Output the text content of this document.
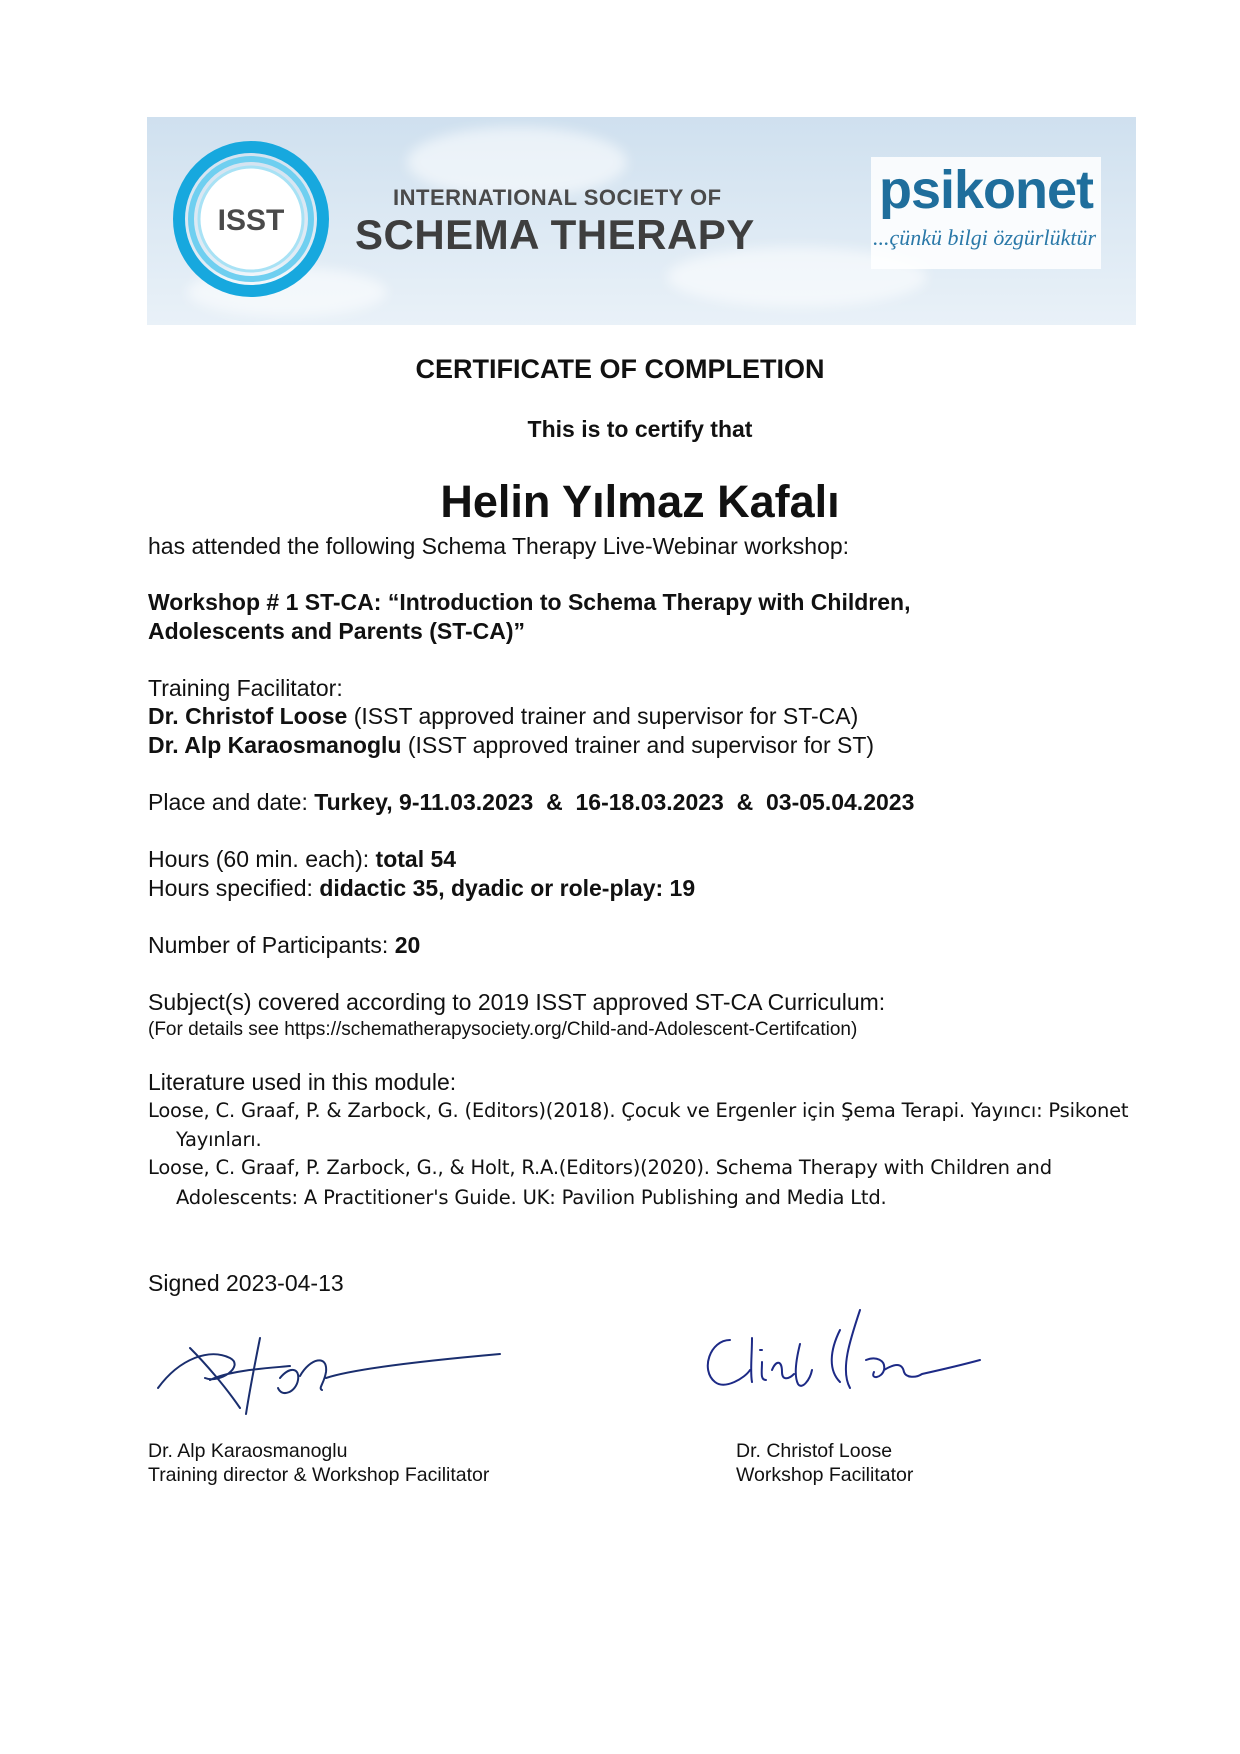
ISST
INTERNATIONAL SOCIETY OF
SCHEMA THERAPY
psikonet
...çünkü bilgi özgürlüktür
CERTIFICATE OF COMPLETION
This is to certify that
Helin Yılmaz Kafalı
has attended the following Schema Therapy Live-Webinar workshop:
Workshop # 1 ST-CA: “Introduction to Schema Therapy with Children,
Adolescents and Parents (ST-CA)”
Training Facilitator:
Dr. Christof Loose (ISST approved trainer and supervisor for ST-CA)
Dr. Alp Karaosmanoglu (ISST approved trainer and supervisor for ST)
Place and date: Turkey, 9-11.03.2023  &  16-18.03.2023  &  03-05.04.2023
Hours (60 min. each): total 54
Hours specified: didactic 35, dyadic or role-play: 19
Number of Participants: 20
Subject(s) covered according to 2019 ISST approved ST-CA Curriculum:
(For details see https://schematherapysociety.org/Child-and-Adolescent-Certifcation)
Literature used in this module:
Loose, C. Graaf, P. & Zarbock, G. (Editors)(2018). Çocuk ve Ergenler için Şema Terapi. Yayıncı: Psikonet
Yayınları.
Loose, C. Graaf, P. Zarbock, G., & Holt, R.A.(Editors)(2020). Schema Therapy with Children and
Adolescents: A Practitioner's Guide. UK: Pavilion Publishing and Media Ltd.
Signed 2023-04-13
Dr. Alp Karaosmanoglu
Training director & Workshop Facilitator
Dr. Christof Loose
Workshop Facilitator
